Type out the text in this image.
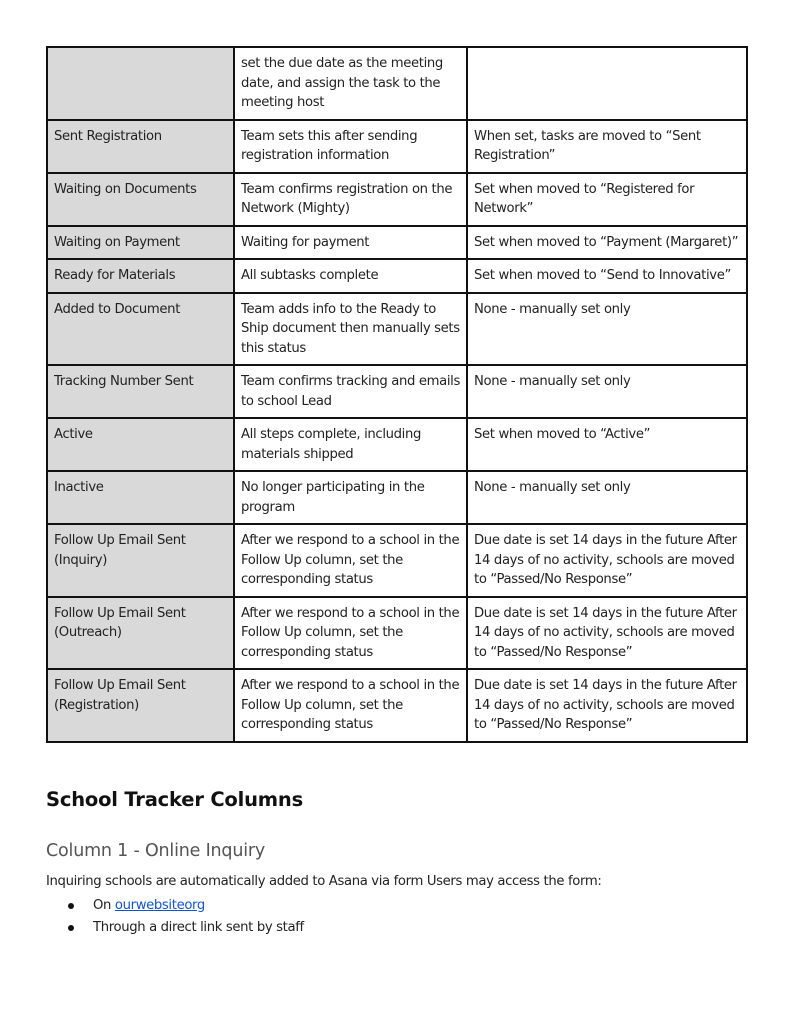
	set the due date as the meeting date, and assign the task to the meeting host	
Sent Registration	Team sets this after sending registration information	When set, tasks are moved to “Sent Registration”
Waiting on Documents	Team confirms registration on the Network (Mighty)	Set when moved to “Registered for Network”
Waiting on Payment	Waiting for payment	Set when moved to “Payment (Margaret)”
Ready for Materials	All subtasks complete	Set when moved to “Send to Innovative”
Added to Document	Team adds info to the Ready to Ship document then manually sets this status	None - manually set only
Tracking Number Sent	Team confirms tracking and emails to school Lead	None - manually set only
Active	All steps complete, including materials shipped	Set when moved to “Active”
Inactive	No longer participating in the program	None - manually set only
Follow Up Email Sent (Inquiry)	After we respond to a school in the Follow Up column, set the corresponding status	Due date is set 14 days in the future After 14 days of no activity, schools are moved to “Passed/No Response”
Follow Up Email Sent (Outreach)	After we respond to a school in the Follow Up column, set the corresponding status	Due date is set 14 days in the future After 14 days of no activity, schools are moved to “Passed/No Response”
Follow Up Email Sent (Registration)	After we respond to a school in the Follow Up column, set the corresponding status	Due date is set 14 days in the future After 14 days of no activity, schools are moved to “Passed/No Response”
School Tracker Columns
Column 1 - Online Inquiry

Inquiring schools are automatically added to Asana via form Users may access the form:

On ourwebsiteorg
Through a direct link sent by staff
